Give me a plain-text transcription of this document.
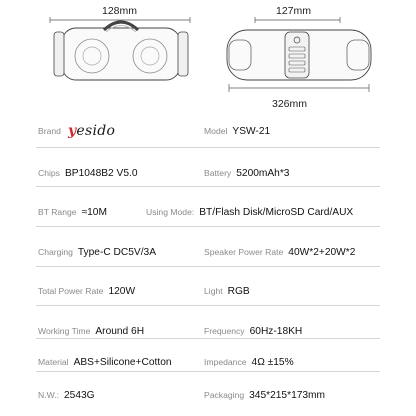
128mm	127mm
326mm
Brand yesido	Model YSW-21
Chips BP1048B2 V5.0	Battery 5200mAh*3
BT Range ≈10M	Using Mode: BT/Flash Disk/MicroSD Card/AUX
Charging Type-C DC5V/3A	Speaker Power Rate 40W*2+20W*2
Total Power Rate 120W	Light RGB
Working Time Around 6H	Frequency 60Hz-18KH
Material ABS+Silicone+Cotton	Impedance 4Ω ±15%
N.W.: 2543G	Packaging 345*215*173mm
